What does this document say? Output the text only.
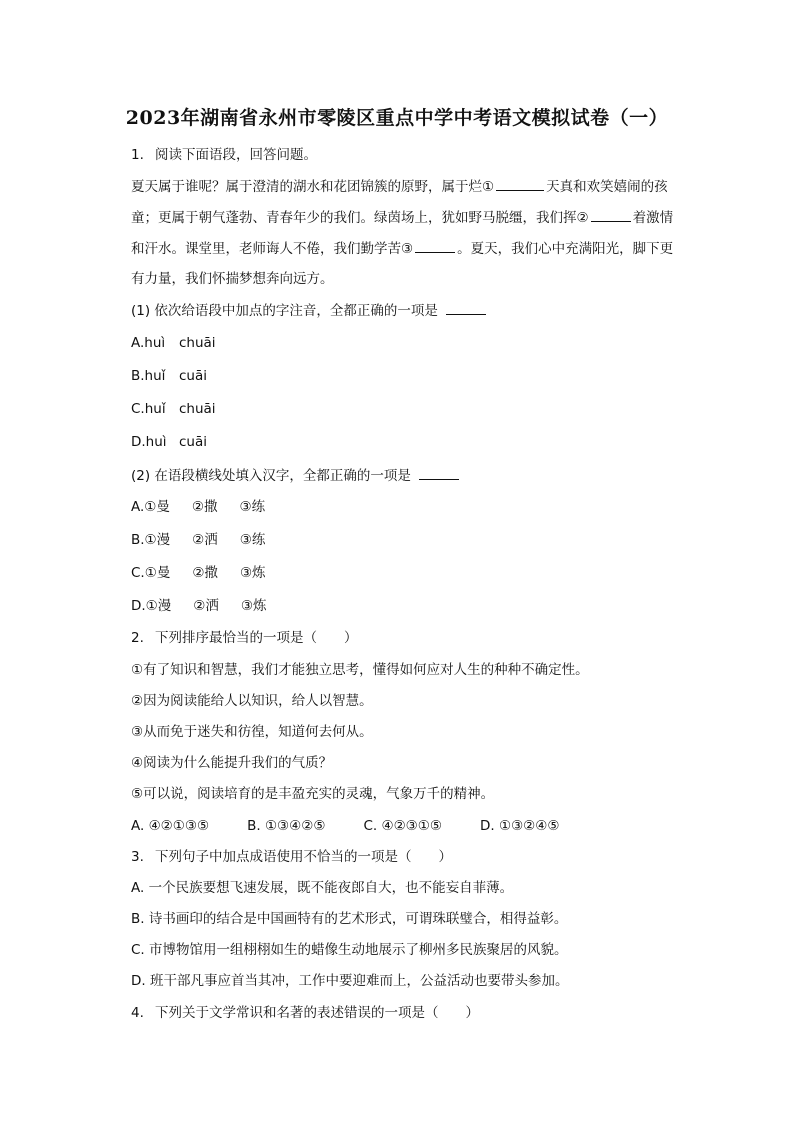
2023年湖南省永州市零陵区重点中学中考语文模拟试卷（一）
1. 阅读下面语段，回答问题。
夏天属于谁呢？属于澄清的湖水和花团锦簇的原野，属于烂①	天真和欢笑嬉闹的孩
童；更属于朝气蓬勃、青春年少的我们。绿茵场上，犹如野马脱缰，我们挥②	着激情
和汗水。课堂里，老师诲人不倦，我们勤学苦③	。夏天，我们心中充满阳光，脚下更
有力量，我们怀揣梦想奔向远方。
(1) 依次给语段中加点的字注音，全都正确的一项是
A.huì chuāi
B.huǐ cuāi
C.huǐ chuāi
D.huì cuāi
(2) 在语段横线处填入汉字，全都正确的一项是
A.①曼 ②撒 ③练
B.①漫 ②洒 ③练
C.①曼 ②撒 ③炼
D.①漫 ②洒 ③炼
2. 下列排序最恰当的一项是（　　）
①有了知识和智慧，我们才能独立思考，懂得如何应对人生的种种不确定性。
②因为阅读能给人以知识，给人以智慧。
③从而免于迷失和彷徨，知道何去何从。
④阅读为什么能提升我们的气质？
⑤可以说，阅读培育的是丰盈充实的灵魂，气象万千的精神。
A. ④②①③⑤	B. ①③④②⑤	C. ④②③①⑤	D. ①③②④⑤
3. 下列句子中加点成语使用不恰当的一项是（　　）
A. 一个民族要想飞速发展，既不能夜郎自大，也不能妄自菲薄。
B. 诗书画印的结合是中国画特有的艺术形式，可谓珠联璧合，相得益彰。
C. 市博物馆用一组栩栩如生的蜡像生动地展示了柳州多民族聚居的风貌。
D. 班干部凡事应首当其冲，工作中要迎难而上，公益活动也要带头参加。
4. 下列关于文学常识和名著的表述错误的一项是（　　）
